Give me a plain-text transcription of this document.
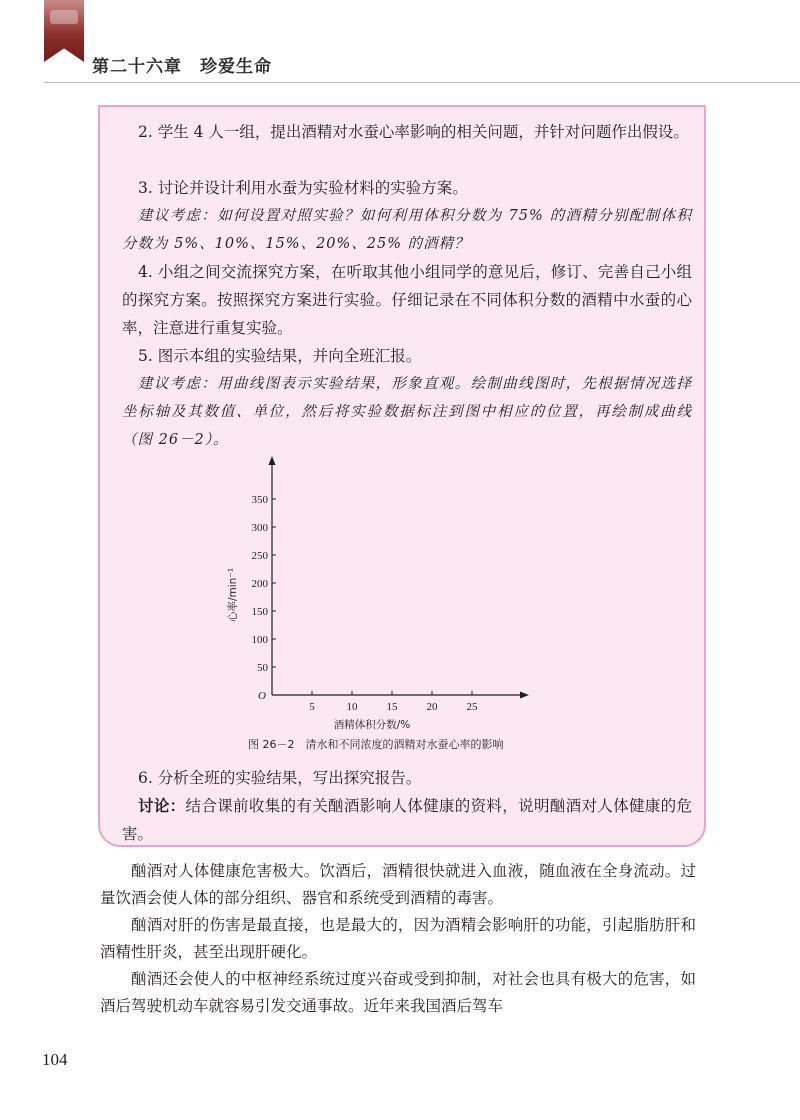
第二十六章　珍爱生命

2. 学生 4 人一组，提出酒精对水蚕心率影响的相关问题，并针对问题作出假设。

3. 讨论并设计利用水蚕为实验材料的实验方案。

建议考虑：如何设置对照实验？如何利用体积分数为 75% 的酒精分别配制体积分数为 5%、10%、15%、20%、25% 的酒精？

4. 小组之间交流探究方案，在听取其他小组同学的意见后，修订、完善自己小组的探究方案。按照探究方案进行实验。仔细记录在不同体积分数的酒精中水蚕的心率，注意进行重复实验。

5. 图示本组的实验结果，并向全班汇报。

建议考虑：用曲线图表示实验结果，形象直观。绘制曲线图时，先根据情况选择坐标轴及其数值、单位，然后将实验数据标注到图中相应的位置，再绘制成曲线（图 26－2）。

5	10	15	20	25
50
100
150
200
250
300
350
O
酒精体积分数/%
心率/min⁻¹
图 26－2　清水和不同浓度的酒精对水蚕心率的影响

6. 分析全班的实验结果，写出探究报告。

讨论：结合课前收集的有关酗酒影响人体健康的资料，说明酗酒对人体健康的危害。

酗酒对人体健康危害极大。饮酒后，酒精很快就进入血液，随血液在全身流动。过量饮酒会使人体的部分组织、器官和系统受到酒精的毒害。

酗酒对肝的伤害是最直接，也是最大的，因为酒精会影响肝的功能，引起脂肪肝和酒精性肝炎，甚至出现肝硬化。

酗酒还会使人的中枢神经系统过度兴奋或受到抑制，对社会也具有极大的危害，如酒后驾驶机动车就容易引发交通事故。近年来我国酒后驾车

104
